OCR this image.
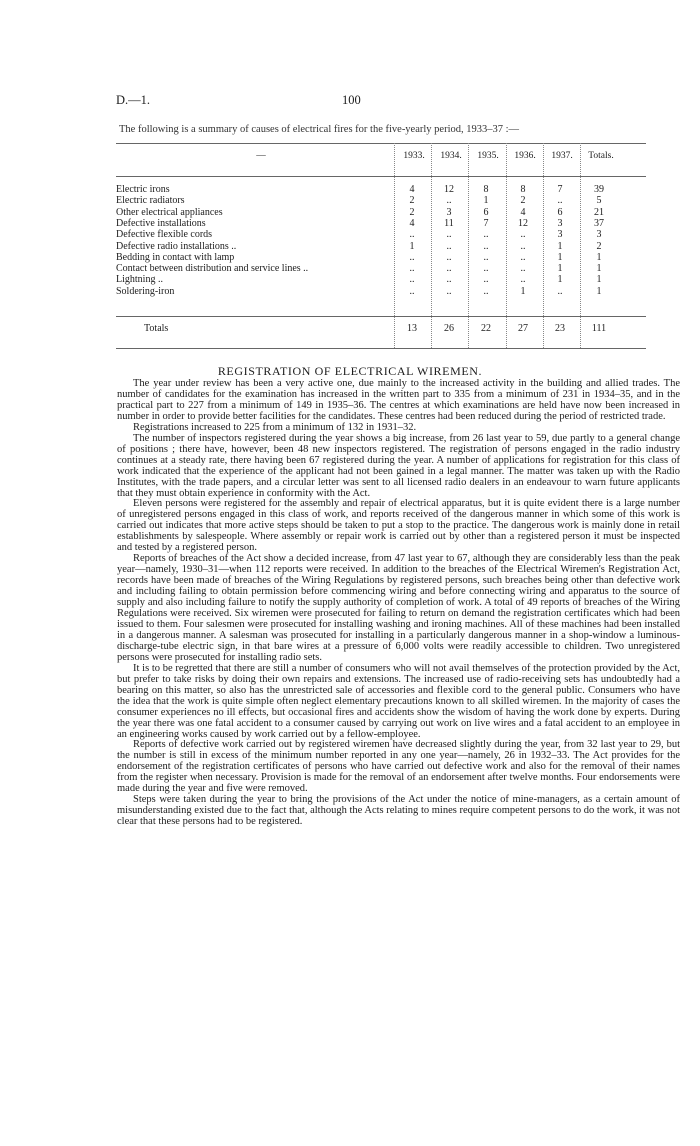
D.—1.	100
The following is a summary of causes of electrical fires for the five-yearly period, 1933–37 :—
—	1933.	1934.	1935.	1936.	1937.	Totals.
Electric irons	4	12	8	8	7	39
Electric radiators	2	..	1	2	..	5
Other electrical appliances	2	3	6	4	6	21
Defective installations	4	11	7	12	3	37
Defective flexible cords	..	..	..	..	3	3
Defective radio installations ..	1	..	..	..	1	2
Bedding in contact with lamp	..	..	..	..	1	1
Contact between distribution and service lines ..	..	..	..	..	1	1
Lightning ..	..	..	..	..	1	1
Soldering-iron	..	..	..	1	..	1
Totals	13	26	22	27	23	111
REGISTRATION OF ELECTRICAL WIREMEN.

The year under review has been a very active one, due mainly to the increased activity in the building and allied trades. The number of candidates for the examination has increased in the written part to 335 from a minimum of 231 in 1934–35, and in the practical part to 227 from a minimum of 149 in 1935–36. The centres at which examinations are held have now been increased in number in order to provide better facilities for the candidates. These centres had been reduced during the period of restricted trade.

Registrations increased to 225 from a minimum of 132 in 1931–32.

The number of inspectors registered during the year shows a big increase, from 26 last year to 59, due partly to a general change of positions ; there have, however, been 48 new inspectors registered. The registration of persons engaged in the radio industry continues at a steady rate, there having been 67 registered during the year. A number of applications for registration for this class of work indicated that the experience of the applicant had not been gained in a legal manner. The matter was taken up with the Radio Institutes, with the trade papers, and a circular letter was sent to all licensed radio dealers in an endeavour to warn future applicants that they must obtain experience in conformity with the Act.

Eleven persons were registered for the assembly and repair of electrical apparatus, but it is quite evident there is a large number of unregistered persons engaged in this class of work, and reports received of the dangerous manner in which some of this work is carried out indicates that more active steps should be taken to put a stop to the practice. The dangerous work is mainly done in retail establishments by salespeople. Where assembly or repair work is carried out by other than a registered person it must be inspected and tested by a registered person.

Reports of breaches of the Act show a decided increase, from 47 last year to 67, although they are considerably less than the peak year—namely, 1930–31—when 112 reports were received. In addition to the breaches of the Electrical Wiremen's Registration Act, records have been made of breaches of the Wiring Regulations by registered persons, such breaches being other than defective work and including failing to obtain permission before commencing wiring and before connecting wiring and apparatus to the source of supply and also including failure to notify the supply authority of completion of work. A total of 49 reports of breaches of the Wiring Regulations were received. Six wiremen were prosecuted for failing to return on demand the registration certificates which had been issued to them. Four salesmen were prosecuted for installing washing and ironing machines. All of these machines had been installed in a dangerous manner. A salesman was prosecuted for installing in a particularly dangerous manner in a shop-window a luminous-discharge-tube electric sign, in that bare wires at a pressure of 6,000 volts were readily accessible to children. Two unregistered persons were prosecuted for installing radio sets.

It is to be regretted that there are still a number of consumers who will not avail themselves of the protection provided by the Act, but prefer to take risks by doing their own repairs and extensions. The increased use of radio-receiving sets has undoubtedly had a bearing on this matter, so also has the unrestricted sale of accessories and flexible cord to the general public. Consumers who have the idea that the work is quite simple often neglect elementary precautions known to all skilled wiremen. In the majority of cases the consumer experiences no ill effects, but occasional fires and accidents show the wisdom of having the work done by experts. During the year there was one fatal accident to a consumer caused by carrying out work on live wires and a fatal accident to an employee in an engineering works caused by work carried out by a fellow-employee.

Reports of defective work carried out by registered wiremen have decreased slightly during the year, from 32 last year to 29, but the number is still in excess of the minimum number reported in any one year—namely, 26 in 1932–33. The Act provides for the endorsement of the registration certificates of persons who have carried out defective work and also for the removal of their names from the register when necessary. Provision is made for the removal of an endorsement after twelve months. Four endorsements were made during the year and five were removed.

Steps were taken during the year to bring the provisions of the Act under the notice of mine-managers, as a certain amount of misunderstanding existed due to the fact that, although the Acts relating to mines require competent persons to do the work, it was not clear that these persons had to be registered.
